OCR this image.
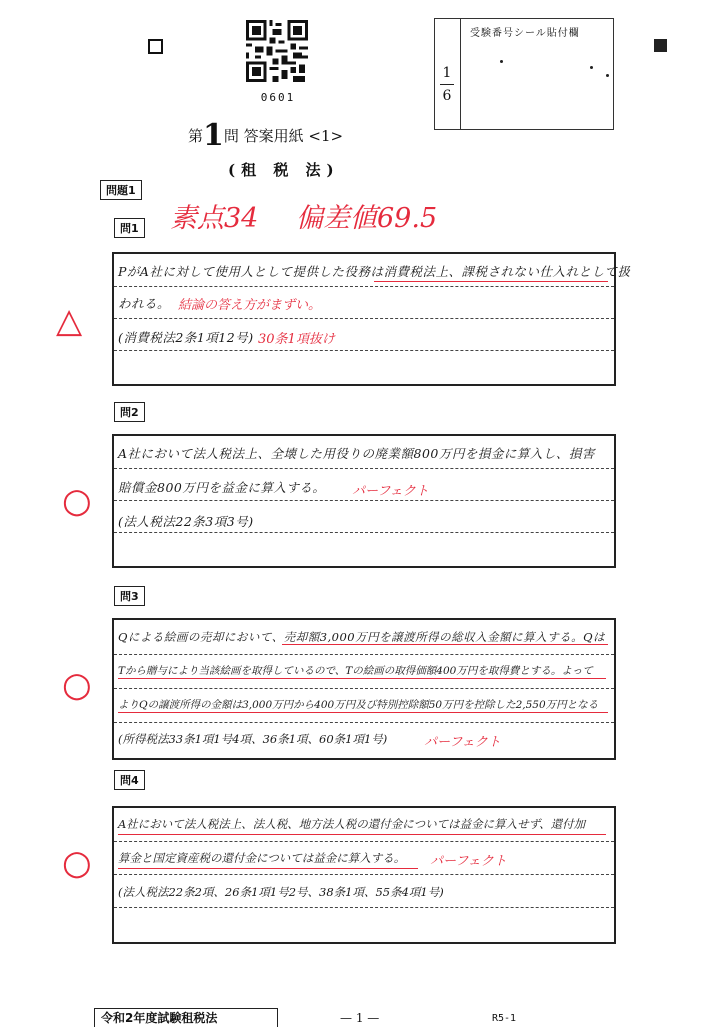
0601
第1問 答案用紙 <1>
(租 税 法)
受験番号シール貼付欄
1
6
問題1
問1 素点34 偏差値69.5
PがA社に対して使用人として提供した役務は消費税法上、課税されない仕入れとして扱
われる。
(消費税法2条1項12号)
結論の答え方がまずい。
30条1項抜け
△
問2
A社において法人税法上、全壊した用役りの廃業額800万円を損金に算入し、損害
賠償金800万円を益金に算入する。
(法人税法22条3項3号)
パーフェクト
○
問3
Qによる絵画の売却において、売却額3,000万円を譲渡所得の総収入金額に算入する。Qは
Tから贈与により当該絵画を取得しているので、Tの絵画の取得価額400万円を取得費とする。よって
よりQの譲渡所得の金額は3,000万円から400万円及び特別控除額50万円を控除した2,550万円となる
(所得税法33条1項1号4項、36条1項、60条1項1号)	パーフェクト
○
問4
A社において法人税法上、法人税、地方法人税の還付金については益金に算入せず、還付加
算金と国定資産税の還付金については益金に算入する。
(法人税法22条2項、26条1項1号2号、38条1項、55条4項1号)
パーフェクト
○
令和2年度試験租税法	— 1 —	R5-1
